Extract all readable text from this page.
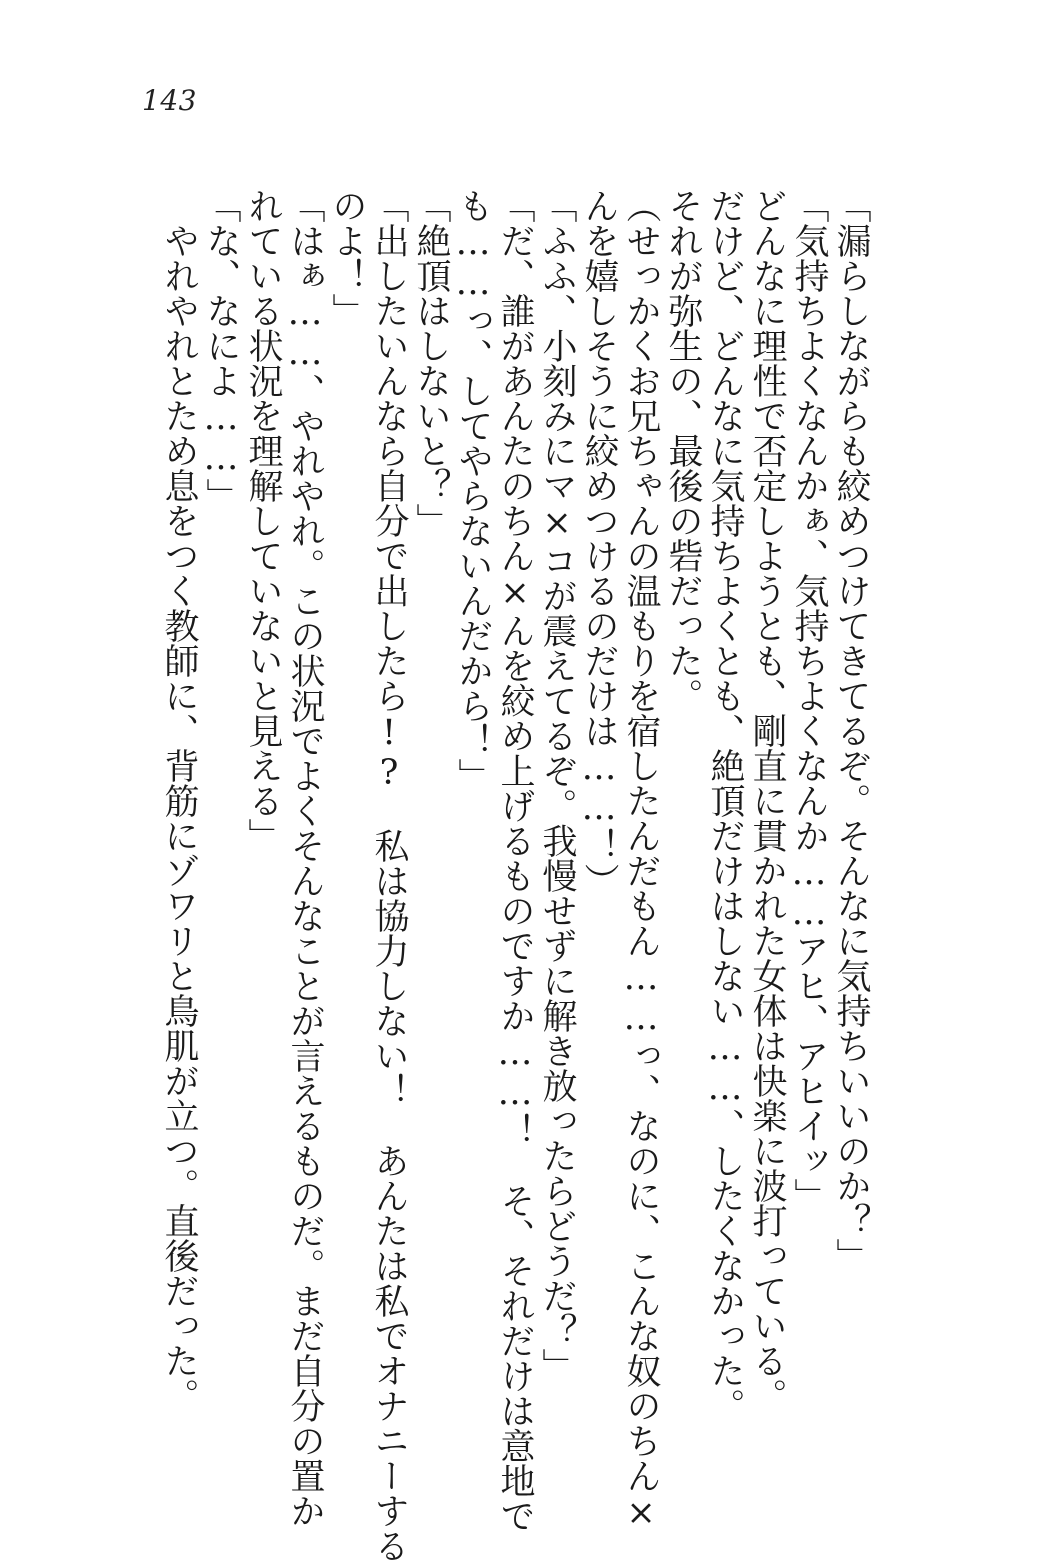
143
「漏らしながらも絞めつけてきてるぞ。そんなに気持ちいいのか？」
「気持ちよくなんかぁ、気持ちよくなんか……アヒ、アヒイッ」
どんなに理性で否定しようとも、剛直に貫かれた女体は快楽に波打っている。
だけど、どんなに気持ちよくとも、絶頂だけはしない……、したくなかった。
それが弥生の、最後の砦だった。
（せっかくお兄ちゃんの温もりを宿したんだもん……っ、なのに、こんな奴のちん×
んを嬉しそうに絞めつけるのだけは……！）
「ふふ、小刻みにマ×コが震えてるぞ。我慢せずに解き放ったらどうだ？」
「だ、誰があんたのちん×んを絞め上げるものですか……！　そ、それだけは意地で
も……っ、してやらないんだから！」
「絶頂はしないと？」
「出したいんなら自分で出したら!?　私は協力しない！　あんたは私でオナニーする
のよ！」
「はぁ……、やれやれ。この状況でよくそんなことが言えるものだ。まだ自分の置か
れている状況を理解していないと見える」
「な、なによ……」
　やれやれとため息をつく教師に、背筋にゾワリと鳥肌が立つ。直後だった。
